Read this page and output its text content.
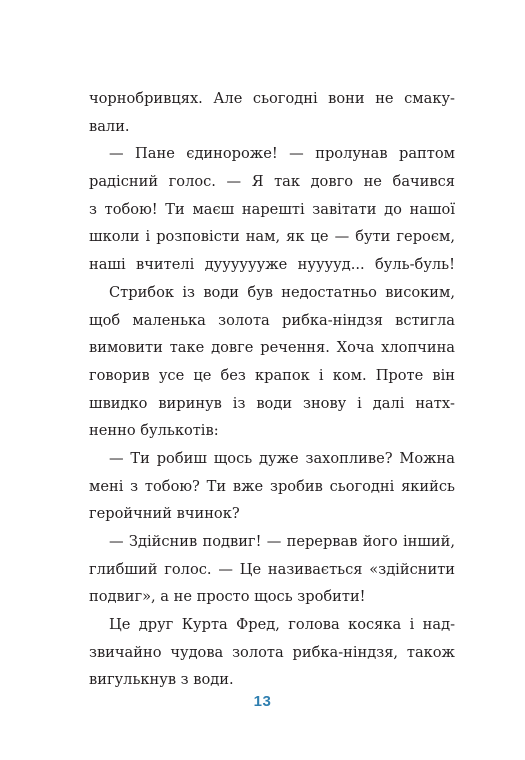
чорнобривцях. Але сьогодні вони не смаку-
вали.

— Пане єдинороже! — пролунав раптом
радісний голос. — Я так довго не бачився
з тобою! Ти маєш нарешті завітати до нашої
школи і розповісти нам, як це — бути героєм,
наші вчителі дууууууже нууууд... буль-буль!

Стрибок із води був недостатньо високим,
щоб маленька золота рибка-ніндзя встигла
вимовити таке довге речення. Хоча хлопчина
говорив усе це без крапок і ком. Проте він
швидко виринув із води знову і далі натх-
ненно булькотів:

— Ти робиш щось дуже захопливе? Можна
мені з тобою? Ти вже зробив сьогодні якийсь
геройчний вчинок?

— Здійснив подвиг! — перервав його інший,
глибший голос. — Це називається «здійснити
подвиг», а не просто щось зробити!

Це друг Курта Фред, голова косяка і над-
звичайно чудова золота рибка-ніндзя, також
вигулькнув з води.

13
